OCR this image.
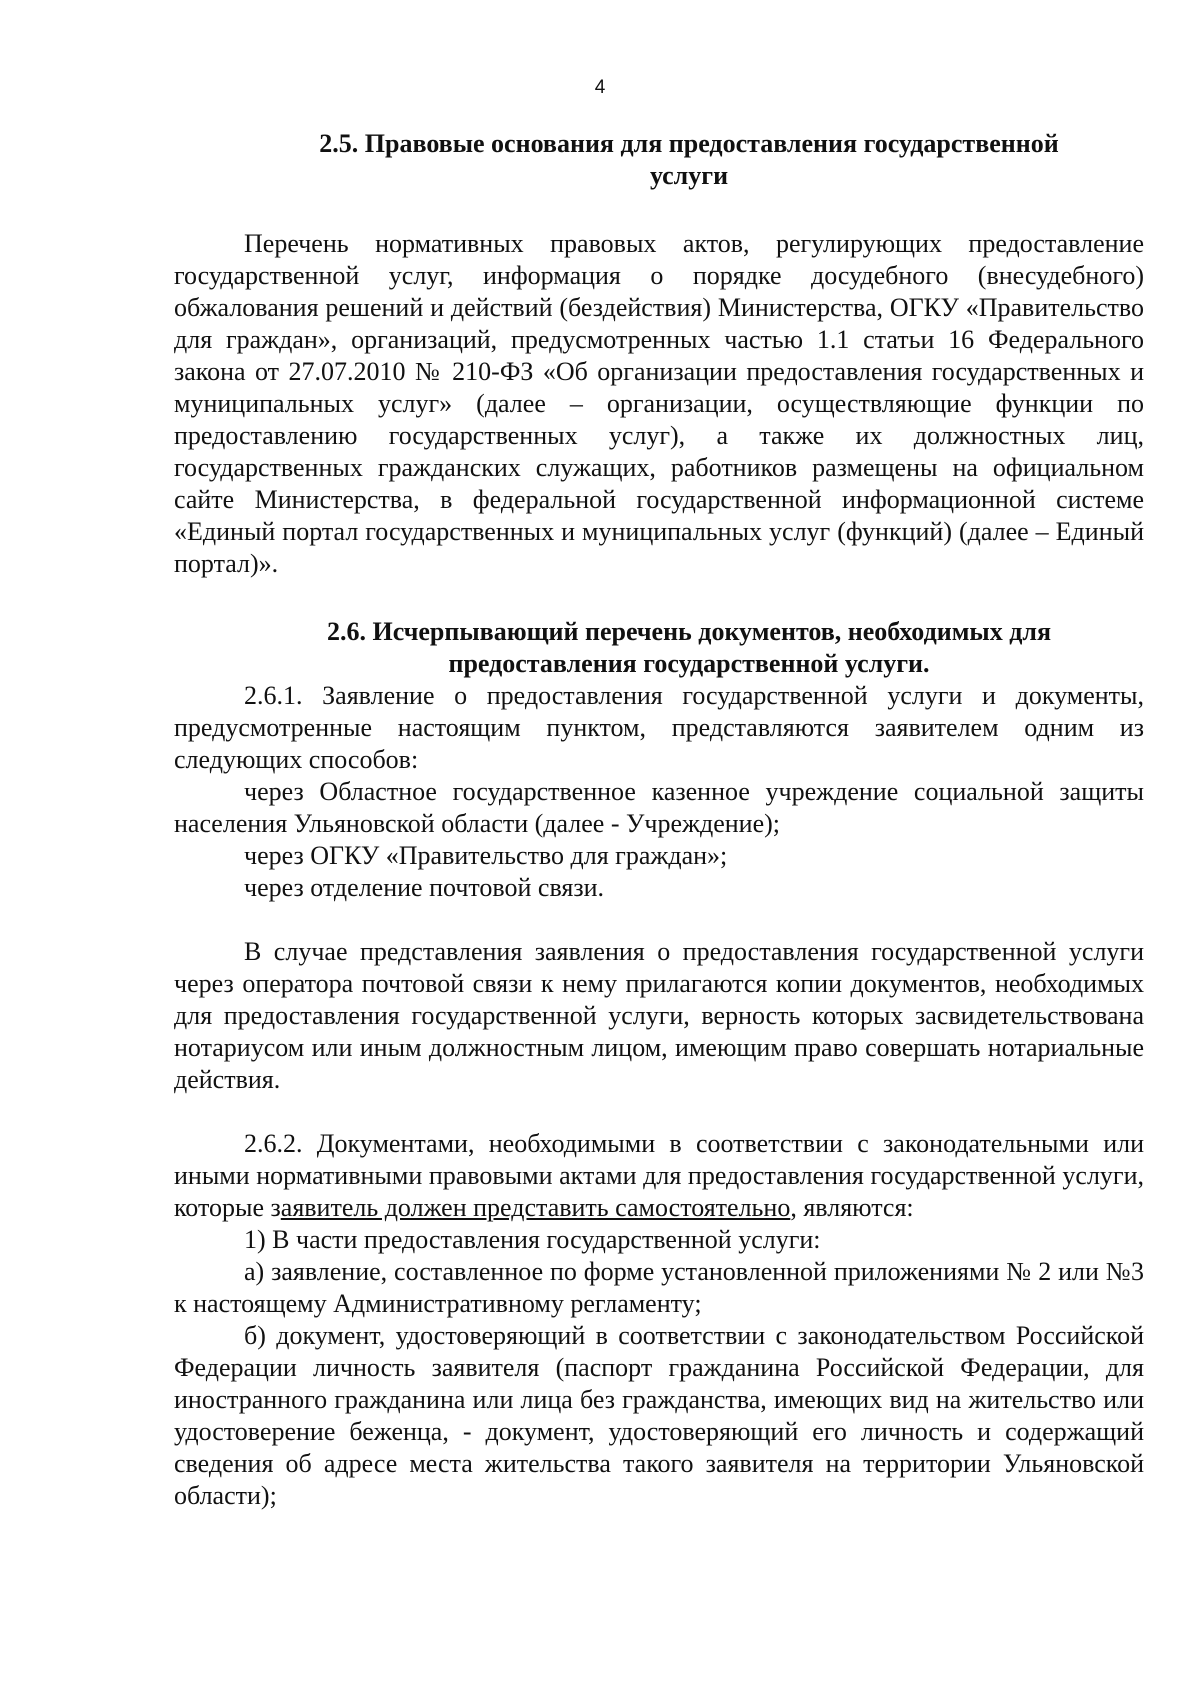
4
2.5. Правовые основания для предоставления государственной
услуги

Перечень нормативных правовых актов, регулирующих предоставление государственной услуг, информация о порядке досудебного (внесудебного) обжалования решений и действий (бездействия) Министерства, ОГКУ «Правительство для граждан», организаций, предусмотренных частью 1.1 статьи 16 Федерального закона от 27.07.2010 № 210-ФЗ «Об организации предоставления государственных и муниципальных услуг» (далее – организации, осуществляющие функции по предоставлению государственных услуг), а также их должностных лиц, государственных гражданских служащих, работников размещены на официальном сайте Министерства, в федеральной государственной информационной системе «Единый портал государственных и муниципальных услуг (функций) (далее – Единый портал)».

2.6. Исчерпывающий перечень документов, необходимых для
предоставления государственной услуги.

2.6.1. Заявление о предоставления государственной услуги и документы, предусмотренные настоящим пунктом, представляются заявителем одним из следующих способов:

через Областное государственное казенное учреждение социальной защиты населения Ульяновской области (далее - Учреждение);

через ОГКУ «Правительство для граждан»;

через отделение почтовой связи.

В случае представления заявления о предоставления государственной услуги через оператора почтовой связи к нему прилагаются копии документов, необходимых для предоставления государственной услуги, верность которых засвидетельствована нотариусом или иным должностным лицом, имеющим право совершать нотариальные действия.

2.6.2. Документами, необходимыми в соответствии с законодательными или иными нормативными правовыми актами для предоставления государственной услуги, которые заявитель должен представить самостоятельно, являются:

1) В части предоставления государственной услуги:

а) заявление, составленное по форме установленной приложениями № 2 или №3 к настоящему Административному регламенту;

б) документ, удостоверяющий в соответствии с законодательством Российской Федерации личность заявителя (паспорт гражданина Российской Федерации, для иностранного гражданина или лица без гражданства, имеющих вид на жительство или удостоверение беженца, - документ, удостоверяющий его личность и содержащий сведения об адресе места жительства такого заявителя на территории Ульяновской области);
